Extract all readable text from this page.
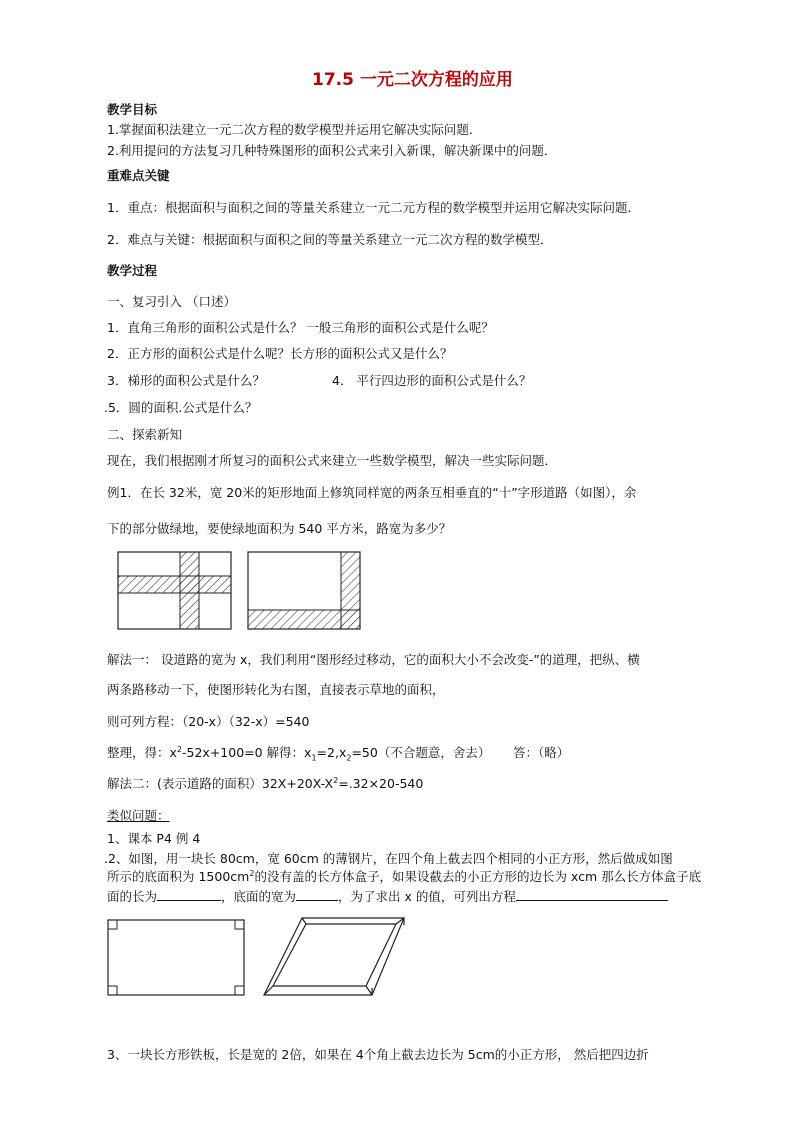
17.5 一元二次方程的应用
教学目标
1.掌握面积法建立一元二次方程的数学模型并运用它解决实际问题．
2.利用提问的方法复习几种特殊图形的面积公式来引入新课，解决新课中的问题．
重难点关键
1．重点：根据面积与面积之间的等量关系建立一元二元方程的数学模型并运用它解决实际问题．
2．难点与关键：根据面积与面积之间的等量关系建立一元二次方程的数学模型．
教学过程
一、复习引入 （口述）
1．直角三角形的面积公式是什么？ 一般三角形的面积公式是什么呢？
2．正方形的面积公式是什么呢？长方形的面积公式又是什么？
3．梯形的面积公式是什么？	4． 平行四边形的面积公式是什么？
.5．圆的面积.公式是什么？
二、探索新知
现在，我们根据刚才所复习的面积公式来建立一些数学模型，解决一些实际问题．
例1．在长 32米，宽 20米的矩形地面上修筑同样宽的两条互相垂直的“十”字形道路（如图），余
下的部分做绿地，要使绿地面积为 540 平方米，路宽为多少？
解法一： 设道路的宽为 x，我们利用“图形经过移动，它的面积大小不会改变-”的道理，把纵、横
两条路移动一下，使图形转化为右图，直接表示草地的面积，
则可列方程：（20-x）（32-x）=540
整理，得：$x^2-52x+100=0$ 解得：$x_1=2,x_2=50$（不合题意，舍去） 答：（略）
解法二：(表示道路的面积）$32X+20X-X^2=.32\times 20-540$
类似问题：
1、课本 P4 例 4
.2、如图，用一块长 80cm，宽 60cm 的薄钢片，在四个角上截去四个相同的小正方形，然后做成如图
所示的底面积为 $1500cm^2$的没有盖的长方体盒子，如果设截去的小正方形的边长为 xcm 那么长方体盒子底
面的长为	，底面的宽为	，为了求出 x 的值，可列出方程
3、一块长方形铁板，长是宽的 2倍，如果在 4个角上截去边长为 5cm的小正方形， 然后把四边折
